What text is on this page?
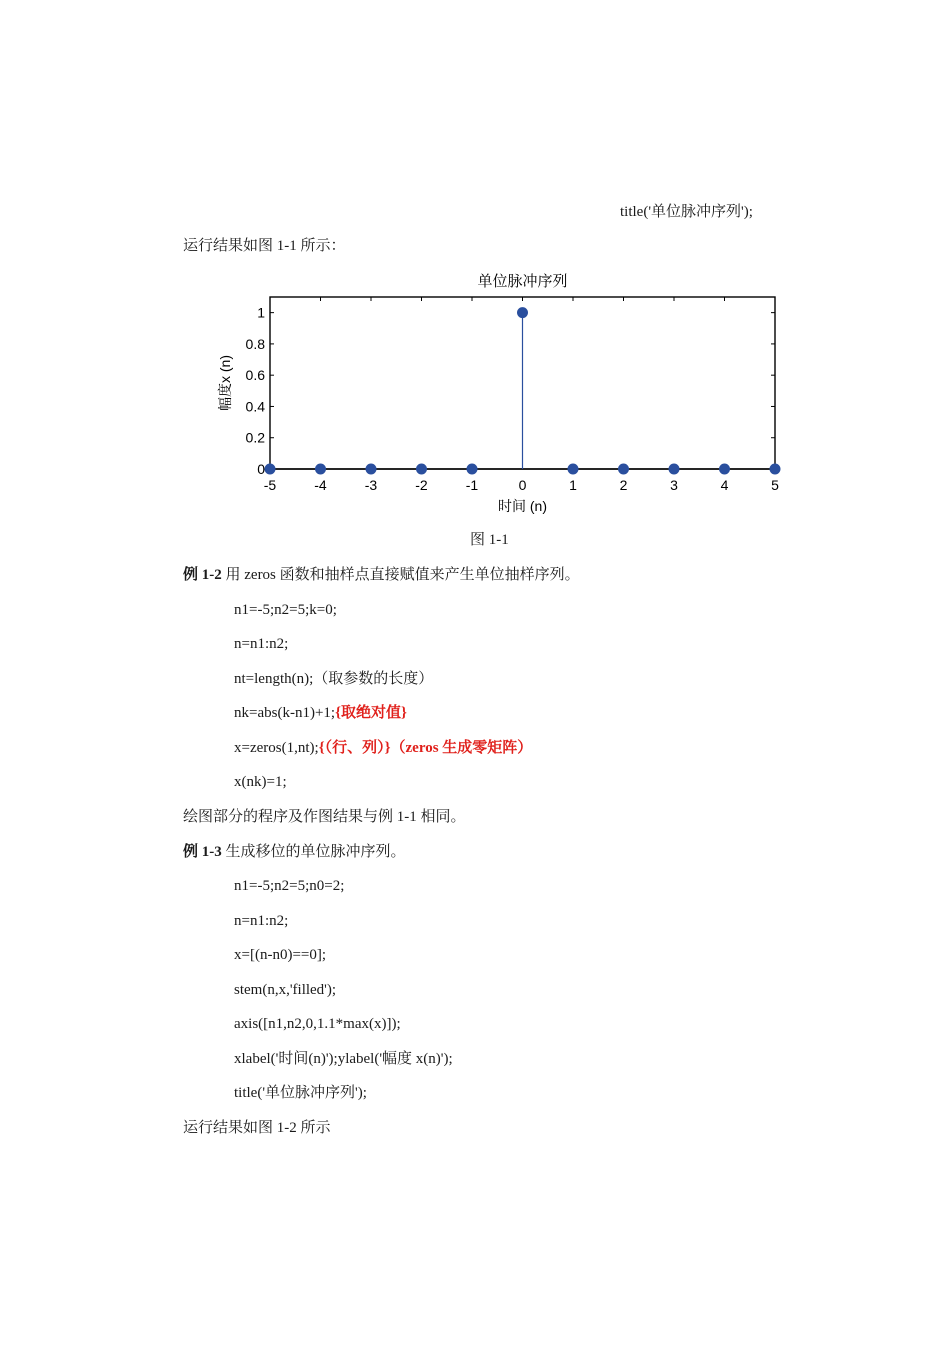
title('单位脉冲序列');
运行结果如图 1-1 所示：
-5	-4	-3	-2	-1	0	1	2	3	4	5
0
0.2
0.4
0.6
0.8
1
单位脉冲序列
时间 (n)
幅度x (n)
图 1-1
例 1-2 用 zeros 函数和抽样点直接赋值来产生单位抽样序列。
n1=-5;n2=5;k=0;
n=n1:n2;
nt=length(n);（取参数的长度）
nk=abs(k-n1)+1;{取绝对值}
x=zeros(1,nt);{（行、列）}（zeros 生成零矩阵）
x(nk)=1;
绘图部分的程序及作图结果与例 1-1 相同。
例 1-3 生成移位的单位脉冲序列。
n1=-5;n2=5;n0=2;
n=n1:n2;
x=[(n-n0)==0];
stem(n,x,'filled');
axis([n1,n2,0,1.1*max(x)]);
xlabel('时间(n)');ylabel('幅度 x(n)');
title('单位脉冲序列');
运行结果如图 1-2 所示
